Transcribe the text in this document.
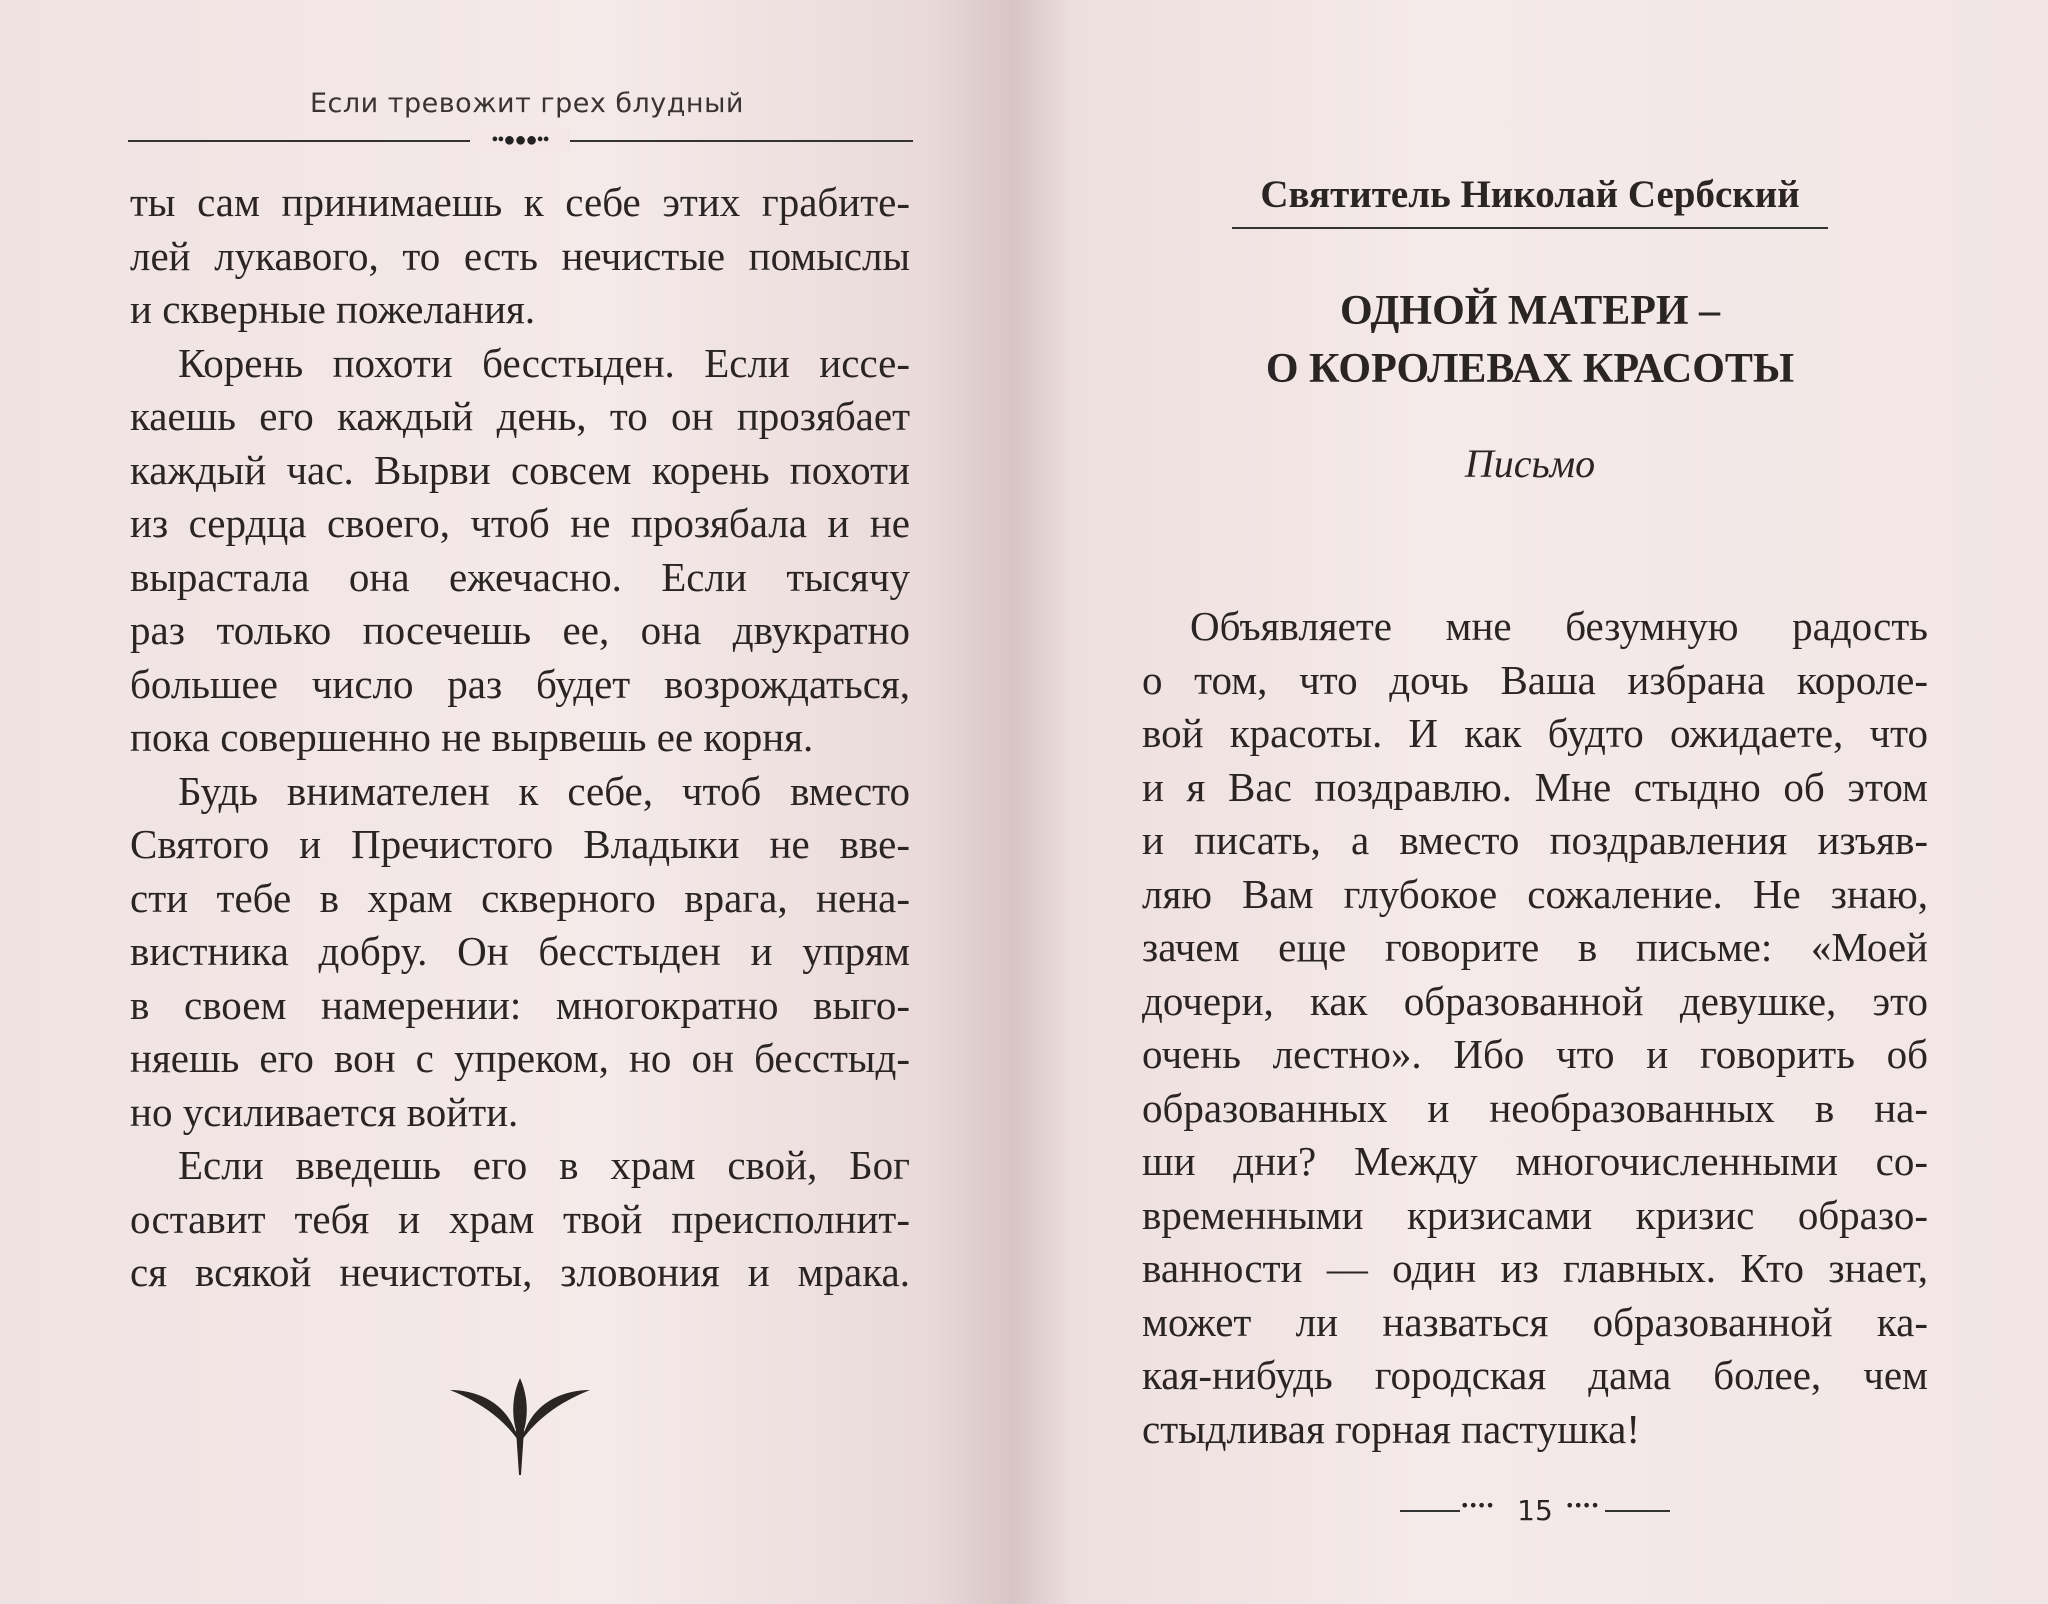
Если тревожит грех блудный
••●●●••
ты сам принимаешь к себе этих грабите-
лей лукавого, то есть нечистые помыслы
и скверные пожелания.
Корень похоти бесстыден. Если иссе-
каешь его каждый день, то он прозябает
каждый час. Вырви совсем корень похоти
из сердца своего, чтоб не прозябала и не
вырастала она ежечасно. Если тысячу
раз только посечешь ее, она двукратно
большее число раз будет возрождаться,
пока совершенно не вырвешь ее корня.
Будь внимателен к себе, чтоб вместо
Святого и Пречистого Владыки не вве-
сти тебе в храм скверного врага, нена-
вистника добру. Он бесстыден и упрям
в своем намерении: многократно выго-
няешь его вон с упреком, но он бесстыд-
но усиливается войти.
Если введешь его в храм свой, Бог
оставит тебя и храм твой преисполнит-
ся всякой нечистоты, зловония и мрака.
Святитель Николай Сербский
ОДНОЙ МАТЕРИ –
О КОРОЛЕВАХ КРАСОТЫ
Письмо
Объявляете мне безумную радость
о том, что дочь Ваша избрана короле-
вой красоты. И как будто ожидаете, что
и я Вас поздравлю. Мне стыдно об этом
и писать, а вместо поздравления изъяв-
ляю Вам глубокое сожаление. Не знаю,
зачем еще говорите в письме: «Моей
дочери, как образованной девушке, это
очень лестно». Ибо что и говорить об
образованных и необразованных в на-
ши дни? Между многочисленными со-
временными кризисами кризис образо-
ванности — один из главных. Кто знает,
может ли назваться образованной ка-
кая-нибудь городская дама более, чем
стыдливая горная пастушка!
•••• 15 ••••
